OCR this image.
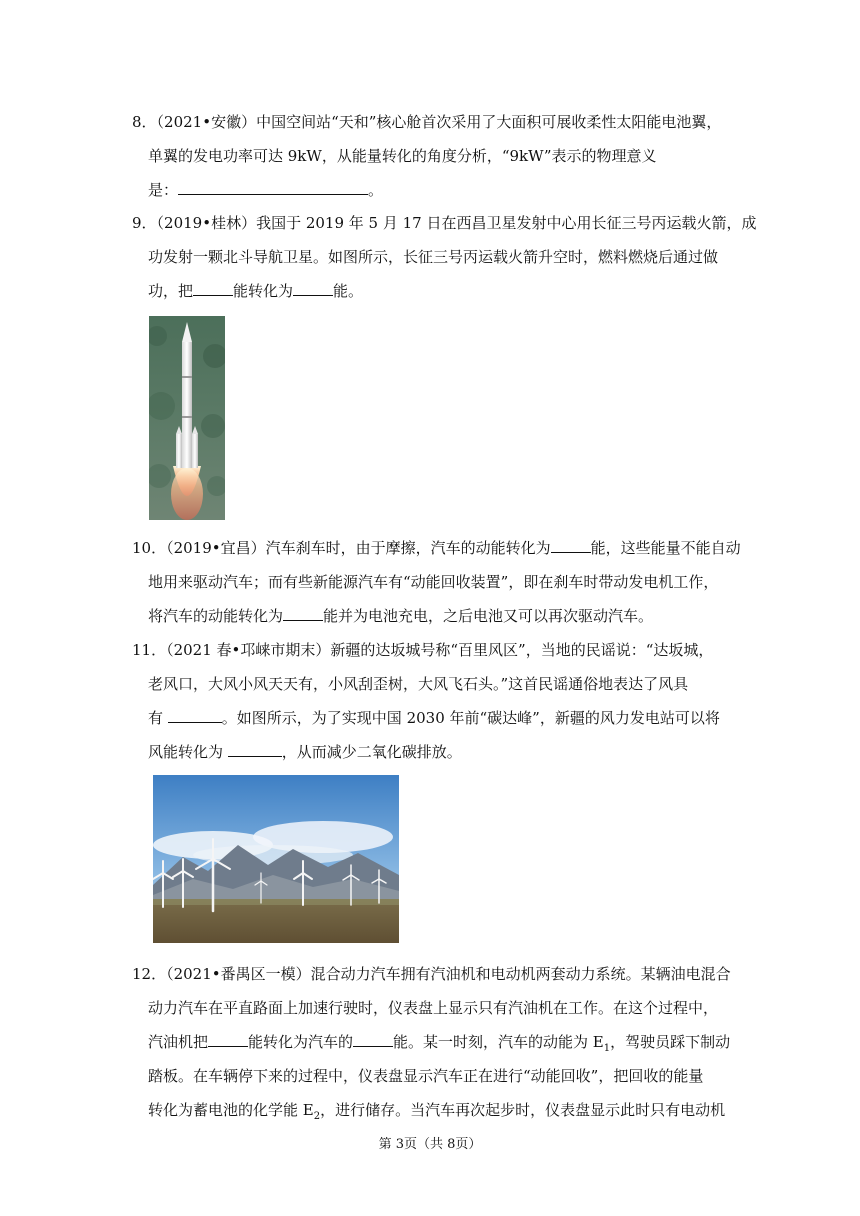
8．（2021•安徽）中国空间站“天和”核心舱首次采用了大面积可展收柔性太阳能电池翼，
单翼的发电功率可达 9kW，从能量转化的角度分析，“9kW”表示的物理意义
是：	。
9．（2019•桂林）我国于 2019 年 5 月 17 日在西昌卫星发射中心用长征三号丙运载火箭，成
功发射一颗北斗导航卫星。如图所示，长征三号丙运载火箭升空时，燃料燃烧后通过做
功，把	能转化为	能。
10．（2019•宜昌）汽车刹车时，由于摩擦，汽车的动能转化为	能，这些能量不能自动
地用来驱动汽车；而有些新能源汽车有“动能回收装置”，即在刹车时带动发电机工作，
将汽车的动能转化为	能并为电池充电，之后电池又可以再次驱动汽车。
11．（2021 春•邛崃市期末）新疆的达坂城号称“百里风区”，当地的民谣说：“达坂城，
老风口，大风小风天天有，小风刮歪树，大风飞石头。”这首民谣通俗地表达了风具
有	。如图所示，为了实现中国 2030 年前“碳达峰”，新疆的风力发电站可以将
风能转化为	，从而减少二氧化碳排放。
12．（2021•番禺区一模）混合动力汽车拥有汽油机和电动机两套动力系统。某辆油电混合
动力汽车在平直路面上加速行驶时，仪表盘上显示只有汽油机在工作。在这个过程中，
汽油机把	能转化为汽车的	能。某一时刻，汽车的动能为 $E_1$，驾驶员踩下制动
踏板。在车辆停下来的过程中，仪表盘显示汽车正在进行“动能回收”，把回收的能量
转化为蓄电池的化学能 $E_2$，进行储存。当汽车再次起步时，仪表盘显示此时只有电动机
第 3页（共 8页）
